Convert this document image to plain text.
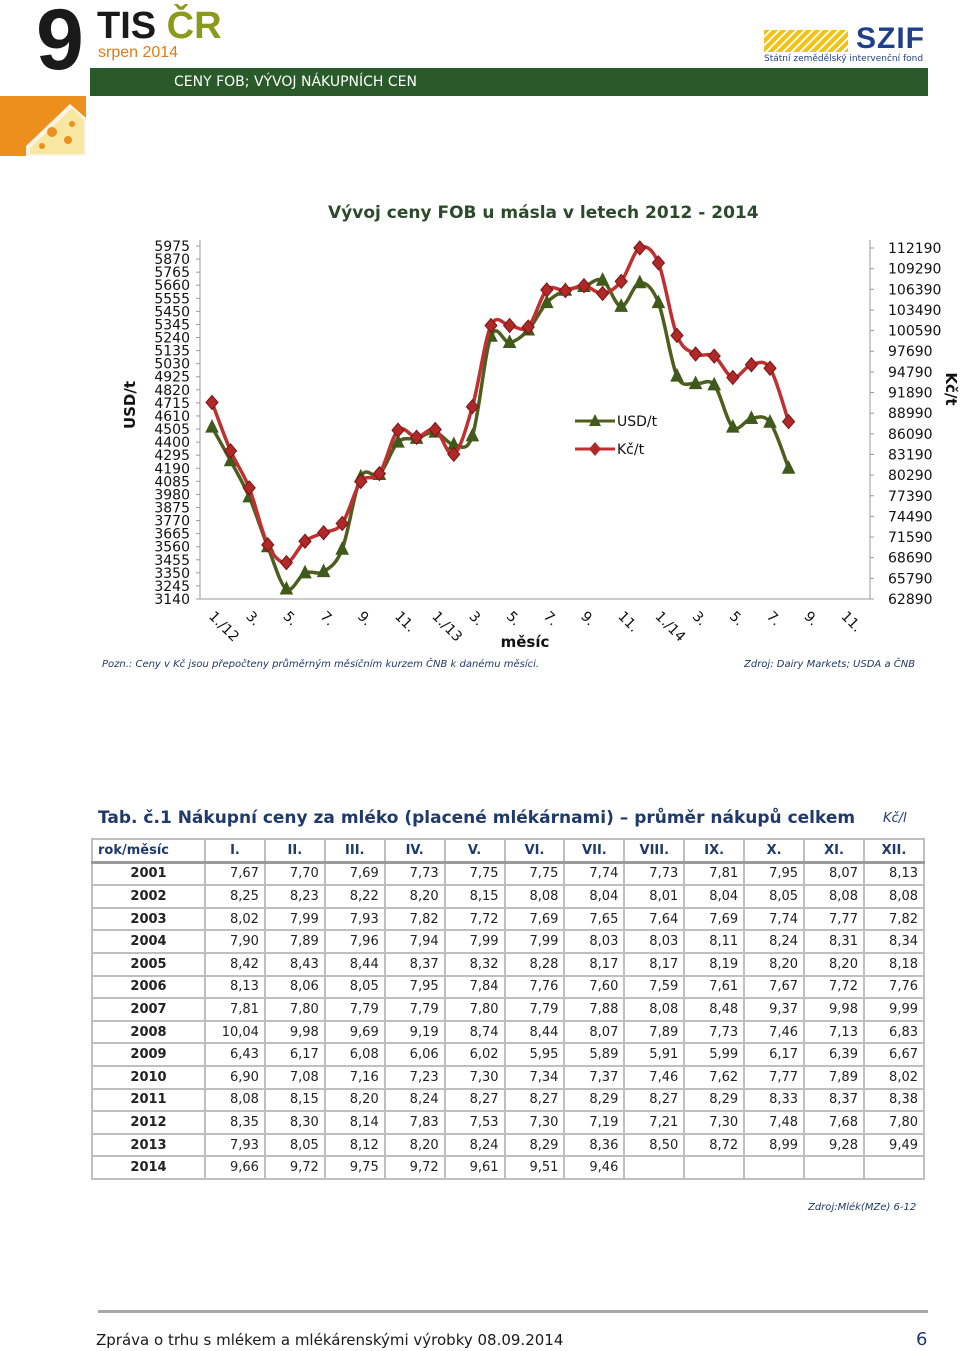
9 TIS ČR
srpen 2014
CENY FOB; VÝVOJ NÁKUPNÍCH CEN
SZIF
Státní zemědělský intervenční fond
Vývoj ceny FOB u másla v letech 2012 - 2014
5975
5870
5765
5660
5555
5450
5345
5240
5135
5030
4925
4820
4715
4610
4505
4400
4295
4190
4085
3980
3875
3770
3665
3560
3455
3350
3245
3140
112190
109290
106390
103490
100590
97690
94790
91890
88990
86090
83190
80290
77390
74490
71590
68690
65790
62890
USD/t	Kč/t
měsíc
1./12 3. 5. 7. 9. 11. 1./13 3. 5. 7. 9. 11. 1./14 3. 5. 7. 9. 11.
USD/t
Kč/t
Pozn.: Ceny v Kč jsou přepočteny průměrným měsíčním kurzem ČNB k danému měsíci.	Zdroj: Dairy Markets; USDA a ČNB
Tab. č.1 Nákupní ceny za mléko (placené mlékárnami) – průměr nákupů celkem Kč/l
rok/měsíc	I.	II.	III.	IV.	V.	VI.	VII.	VIII.	IX.	X.	XI.	XII.
2001	7,67	7,70	7,69	7,73	7,75	7,75	7,74	7,73	7,81	7,95	8,07	8,13
2002	8,25	8,23	8,22	8,20	8,15	8,08	8,04	8,01	8,04	8,05	8,08	8,08
2003	8,02	7,99	7,93	7,82	7,72	7,69	7,65	7,64	7,69	7,74	7,77	7,82
2004	7,90	7,89	7,96	7,94	7,99	7,99	8,03	8,03	8,11	8,24	8,31	8,34
2005	8,42	8,43	8,44	8,37	8,32	8,28	8,17	8,17	8,19	8,20	8,20	8,18
2006	8,13	8,06	8,05	7,95	7,84	7,76	7,60	7,59	7,61	7,67	7,72	7,76
2007	7,81	7,80	7,79	7,79	7,80	7,79	7,88	8,08	8,48	9,37	9,98	9,99
2008	10,04	9,98	9,69	9,19	8,74	8,44	8,07	7,89	7,73	7,46	7,13	6,83
2009	6,43	6,17	6,08	6,06	6,02	5,95	5,89	5,91	5,99	6,17	6,39	6,67
2010	6,90	7,08	7,16	7,23	7,30	7,34	7,37	7,46	7,62	7,77	7,89	8,02
2011	8,08	8,15	8,20	8,24	8,27	8,27	8,29	8,27	8,29	8,33	8,37	8,38
2012	8,35	8,30	8,14	7,83	7,53	7,30	7,19	7,21	7,30	7,48	7,68	7,80
2013	7,93	8,05	8,12	8,20	8,24	8,29	8,36	8,50	8,72	8,99	9,28	9,49
2014	9,66	9,72	9,75	9,72	9,61	9,51	9,46					
Zdroj:Mlék(MZe) 6-12
Zpráva o trhu s mlékem a mlékárenskými výrobky 08.09.2014	6
